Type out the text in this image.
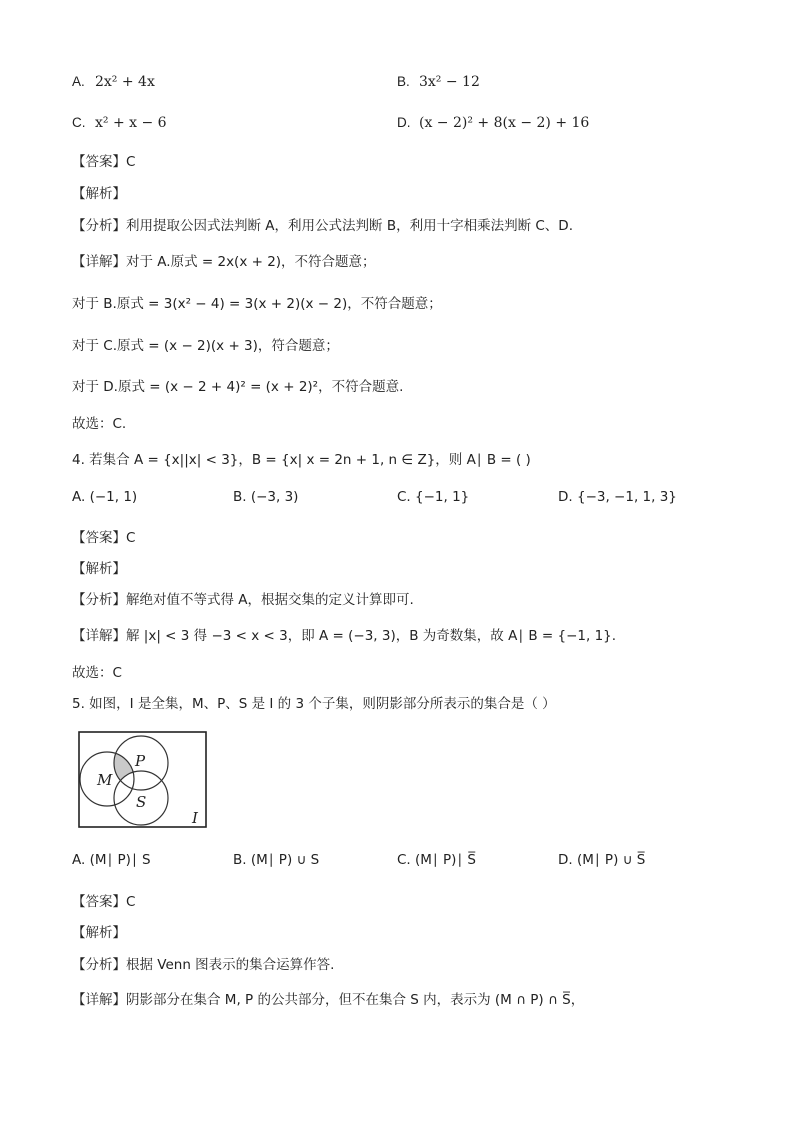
A. 2x² + 4x	B. 3x² − 12
C. x² + x − 6	D. (x − 2)² + 8(x − 2) + 16
【答案】C
【解析】
【分析】利用提取公因式法判断 A，利用公式法判断 B，利用十字相乘法判断 C、D.
【详解】对于 A.原式 = 2x(x + 2)，不符合题意；
对于 B.原式 = 3(x² − 4) = 3(x + 2)(x − 2)，不符合题意；
对于 C.原式 = (x − 2)(x + 3)，符合题意；
对于 D.原式 = (x − 2 + 4)² = (x + 2)²，不符合题意.
故选：C.
4. 若集合 A = {x||x| < 3}，B = {x| x = 2n + 1, n ∈ Z}，则 A∣ B = ( )
A. (−1, 1)	B. (−3, 3)	C. {−1, 1}	D. {−3, −1, 1, 3}
【答案】C
【解析】
【分析】解绝对值不等式得 A，根据交集的定义计算即可.
【详解】解 |x| < 3 得 −3 < x < 3，即 A = (−3, 3)，B 为奇数集，故 A∣ B = {−1, 1}.
故选：C
5. 如图，I 是全集，M、P、S 是 I 的 3 个子集，则阴影部分所表示的集合是（ ）
P
M
S
I
A. (M∣ P)∣ S	B. (M∣ P) ∪ S	C. (M∣ P)∣ S̅	D. (M∣ P) ∪ S̅
【答案】C
【解析】
【分析】根据 Venn 图表示的集合运算作答.
【详解】阴影部分在集合 M, P 的公共部分，但不在集合 S 内，表示为 (M ∩ P) ∩ S̅，
